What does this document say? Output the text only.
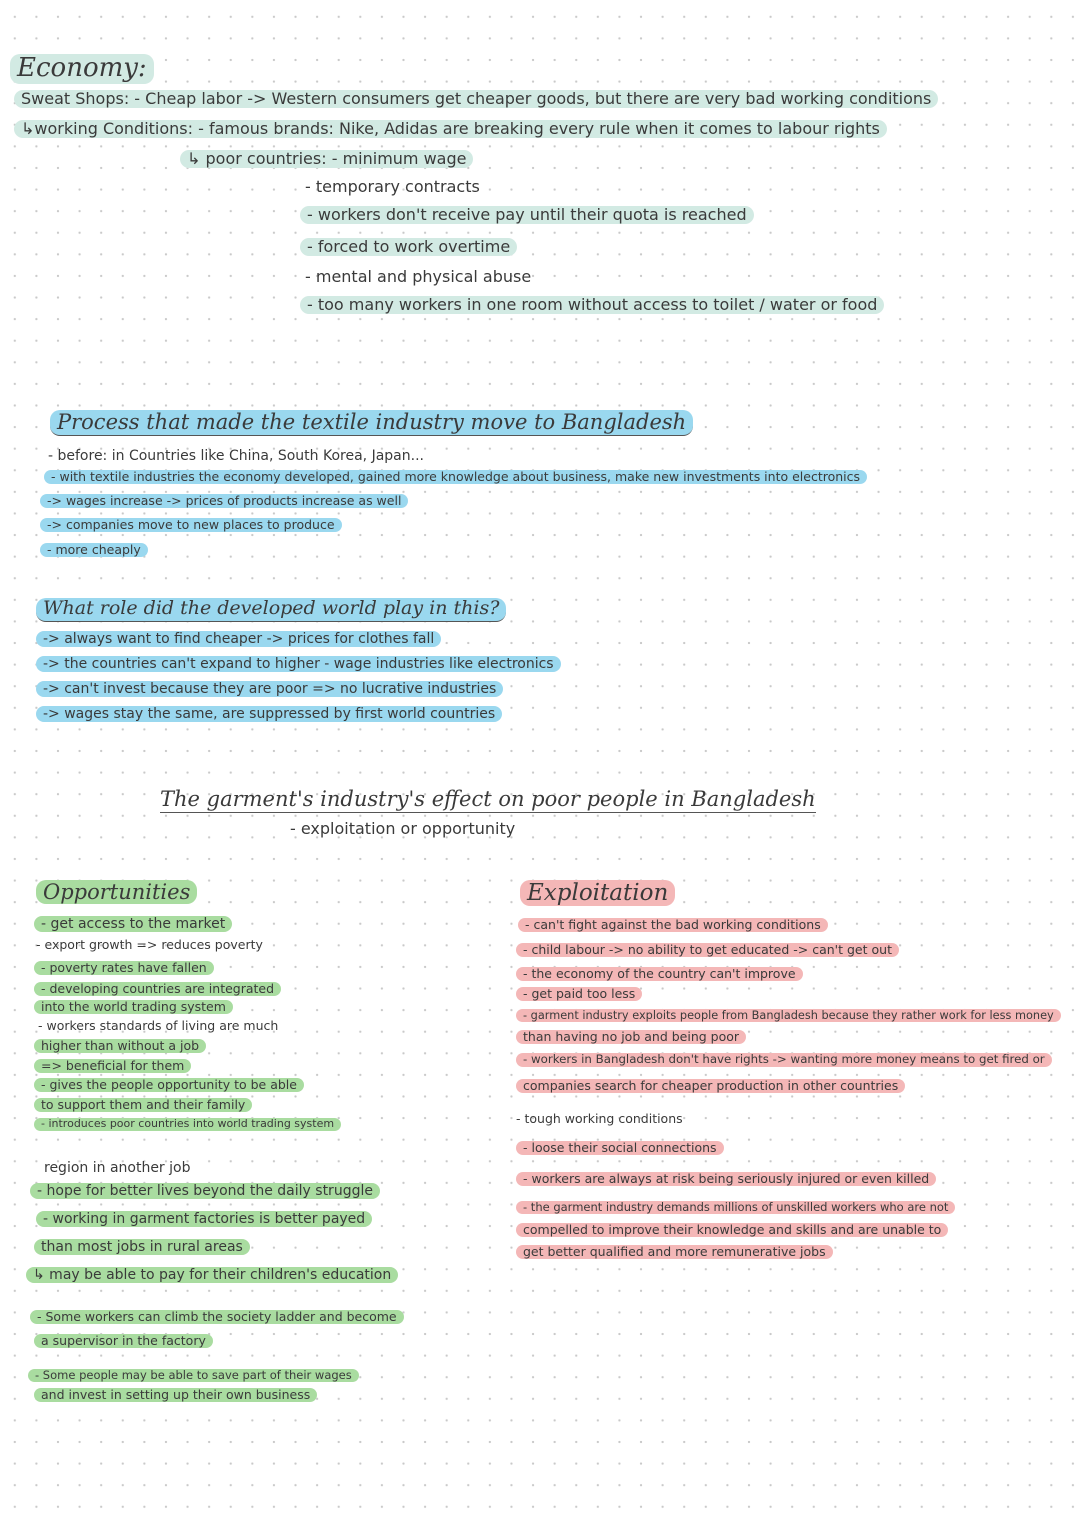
Economy:
Sweat Shops: - Cheap labor -> Western consumers get cheaper goods, but there are very bad working conditions
↳working Conditions: - famous brands: Nike, Adidas are breaking every rule when it comes to labour rights
↳ poor countries: - minimum wage
- temporary contracts
- workers don't receive pay until their quota is reached
- forced to work overtime
- mental and physical abuse
- too many workers in one room without access to toilet / water or food
Process that made the textile industry move to Bangladesh
- before: in Countries like China, South Korea, Japan...
- with textile industries the economy developed, gained more knowledge about business, make new investments into electronics
-> wages increase -> prices of products increase as well
-> companies move to new places to produce
- more cheaply
What role did the developed world play in this?
-> always want to find cheaper -> prices for clothes fall
-> the countries can't expand to higher - wage industries like electronics
-> can't invest because they are poor => no lucrative industries
-> wages stay the same, are suppressed by first world countries
The garment's industry's effect on poor people in Bangladesh
- exploitation or opportunity
Opportunities
- get access to the market
- export growth => reduces poverty
- poverty rates have fallen
- developing countries are integrated
into the world trading system
- workers standards of living are much
higher than without a job
=> beneficial for them
- gives the people opportunity to be able
to support them and their family
- introduces poor countries into world trading system
region in another job
- hope for better lives beyond the daily struggle
- working in garment factories is better payed
than most jobs in rural areas
↳ may be able to pay for their children's education
- Some workers can climb the society ladder and become
a supervisor in the factory
- Some people may be able to save part of their wages
and invest in setting up their own business
Exploitation
- can't fight against the bad working conditions
- child labour -> no ability to get educated -> can't get out
- the economy of the country can't improve
- get paid too less
- garment industry exploits people from Bangladesh because they rather work for less money
than having no job and being poor
- workers in Bangladesh don't have rights -> wanting more money means to get fired or
companies search for cheaper production in other countries
- tough working conditions
- loose their social connections
- workers are always at risk being seriously injured or even killed
- the garment industry demands millions of unskilled workers who are not
compelled to improve their knowledge and skills and are unable to
get better qualified and more remunerative jobs
